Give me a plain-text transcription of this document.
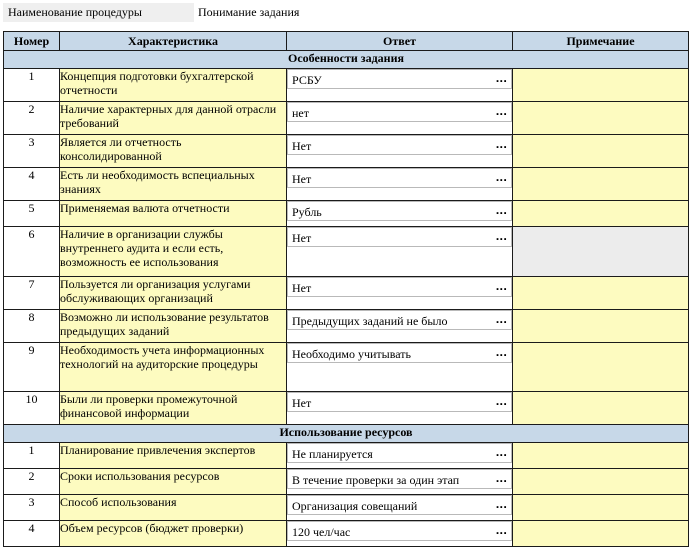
Наименование процедуры	Понимание задания
Номер	Характеристика	Ответ	Примечание
Особенности задания			
1	Концепция подготовки бухгалтерской отчетности	РСБУ ...	

2	Наличие характерных для данной отрасли требований	нет ...	

3	Является ли отчетность консолидированной	Нет ...	

4	Есть ли необходимость вспециальных знаниях	Нет ...	

5	Применяемая валюта отчетности	Рубль ...	

6	Наличие в организации службы внутреннего аудита и если есть, возможность ее использования	Нет ...	

7	Пользуется ли организация услугами обслуживающих организаций	Нет ...	

8	Возможно ли использование результатов предыдущих заданий	Предыдущих заданий не было ...	

9	Необходимость учета информационных технологий на аудиторские процедуры	Необходимо учитывать ...	

10	Были ли проверки промежуточной финансовой информации	Нет ...	

Использование ресурсов			
1	Планирование привлечения экспертов	Не планируется ...	

2	Сроки использования ресурсов	В течение проверки за один этап ...	

3	Способ использования	Организация совещаний ...	

4	Объем ресурсов (бюджет проверки)	120 чел/час ...	
